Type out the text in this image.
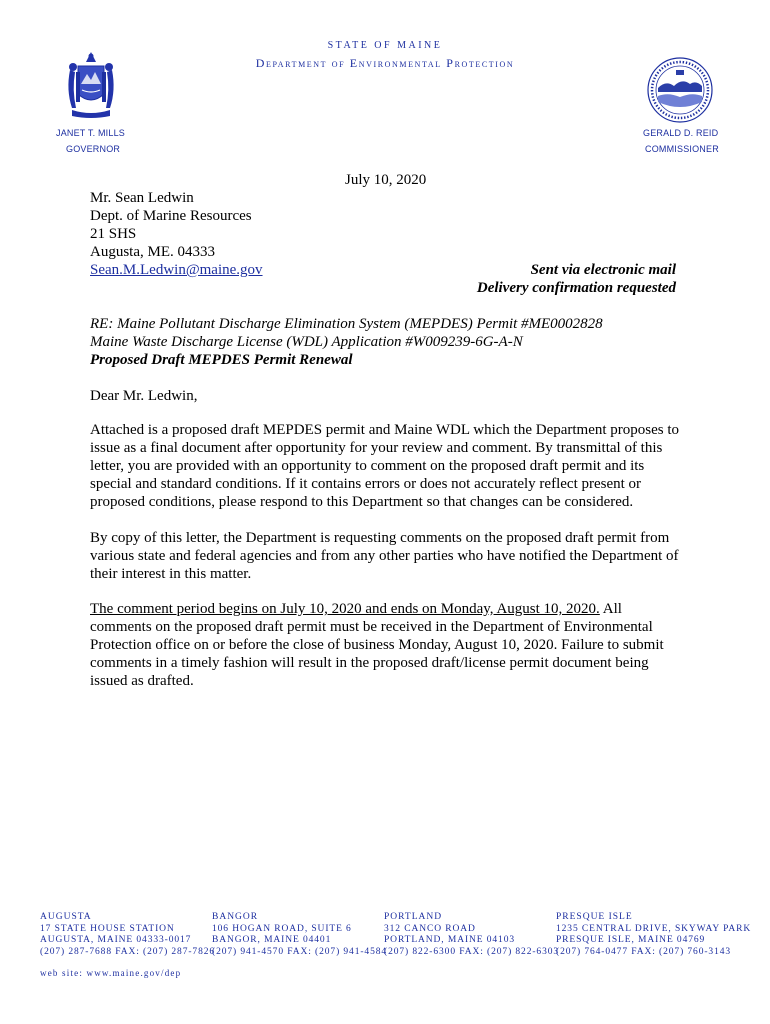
STATE OF MAINE
Department of Environmental Protection
JANET T. MILLS
GOVERNOR
GERALD D. REID
COMMISSIONER
July 10, 2020
Mr. Sean Ledwin
Dept. of Marine Resources
21 SHS
Augusta, ME. 04333
Sean.M.Ledwin@maine.gov	Sent via electronic mail
Delivery confirmation requested
RE: Maine Pollutant Discharge Elimination System (MEPDES) Permit #ME0002828
Maine Waste Discharge License (WDL) Application #W009239-6G-A-N
Proposed Draft MEPDES Permit Renewal
Dear Mr. Ledwin,
Attached is a proposed draft MEPDES permit and Maine WDL which the Department proposes to issue as a final document after opportunity for your review and comment. By transmittal of this letter, you are provided with an opportunity to comment on the proposed draft permit and its special and standard conditions. If it contains errors or does not accurately reflect present or proposed conditions, please respond to this Department so that changes can be considered.
By copy of this letter, the Department is requesting comments on the proposed draft permit from various state and federal agencies and from any other parties who have notified the Department of their interest in this matter.
The comment period begins on July 10, 2020 and ends on Monday, August 10, 2020. All comments on the proposed draft permit must be received in the Department of Environmental Protection office on or before the close of business Monday, August 10, 2020. Failure to submit comments in a timely fashion will result in the proposed draft/license permit document being issued as drafted.
AUGUSTA
17 STATE HOUSE STATION
AUGUSTA, MAINE 04333-0017
(207) 287-7688 FAX: (207) 287-7826
BANGOR
106 HOGAN ROAD, SUITE 6
BANGOR, MAINE 04401
(207) 941-4570 FAX: (207) 941-4584
PORTLAND
312 CANCO ROAD
PORTLAND, MAINE 04103
(207) 822-6300 FAX: (207) 822-6303
PRESQUE ISLE
1235 CENTRAL DRIVE, SKYWAY PARK
PRESQUE ISLE, MAINE 04769
(207) 764-0477 FAX: (207) 760-3143
web site: www.maine.gov/dep
